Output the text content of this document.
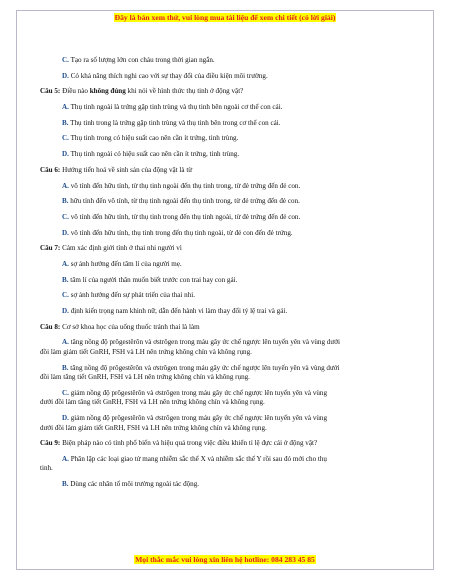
Đây là bản xem thử, vui lòng mua tài liệu để xem chi tiết (có lời giải)
C. Tạo ra số lượng lớn con cháu trong thời gian ngắn.
D. Có khả năng thích nghi cao với sự thay đổi của điều kiện môi trường.
Câu 5: Điều nào không đúng khi nói về hình thức thụ tinh ở động vật?
A. Thụ tinh ngoài là trứng gặp tinh trùng và thụ tinh bên ngoài cơ thể con cái.
B. Thụ tinh trong là trứng gặp tinh trùng và thụ tinh bên trong cơ thể con cái.
C. Thụ tinh trong có hiệu suất cao nên cần ít trứng, tinh trùng.
D. Thụ tinh ngoài có hiệu suất cao nên cần ít trứng, tinh trùng.
Câu 6: Hướng tiến hoá về sinh sản của động vật là từ
A. vô tính đến hữu tính, từ thụ tinh ngoài đến thụ tinh trong, từ đẻ trứng đến đẻ con.
B. hữu tính đến vô tính, từ thụ tinh ngoài đến thụ tinh trong, từ đẻ trứng đến đẻ con.
C. vô tính đến hữu tính, từ thụ tinh trong đến thụ tinh ngoài, từ đẻ trứng đến đẻ con.
D. vô tính đến hữu tính, thụ tinh trong đến thụ tinh ngoài, từ đẻ con đến đẻ trứng.
Câu 7: Cảm xác định giới tính ở thai nhi người vì
A. sợ ảnh hưởng đến tâm lí của người mẹ.
B. tâm lí của người thân muốn biết trước con trai hay con gái.
C. sợ ảnh hưởng đến sự phát triển của thai nhi.
D. định kiến trọng nam khinh nữ, dẫn đến hành vi làm thay đổi tỷ lệ trai và gái.
Câu 8: Cơ sở khoa học của uống thuốc tránh thai là làm
A. tăng nồng độ prôgestêrôn và ơstrôgen trong máu gây ức chế ngược lên tuyến yên và vùng dưới
đồi làm giảm tiết GnRH, FSH và LH nên trứng không chín và không rụng.
B. tăng nồng độ prôgestêrôn và ơstrôgen trong máu gây ức chế ngược lên tuyến yên và vùng dưới
đồi làm tăng tiết GnRH, FSH và LH nên trứng không chín và không rụng.
C. giảm nồng độ prôgestêrôn và ơstrôgen trong máu gây ức chế ngược lên tuyến yên và vùng
dưới đồi làm tăng tiết GnRH, FSH và LH nên trứng không chín và không rụng.
D. giảm nồng độ prôgestêrôn và ơstrôgen trong máu gây ức chế ngược lên tuyến yên và vùng
dưới đồi làm giảm tiết GnRH, FSH và LH nên trứng không chín và không rụng.
Câu 9: Biện pháp nào có tính phổ biến và hiệu quả trong việc điều khiển tỉ lệ đực cái ở động vật?
A. Phân lập các loại giao tử mang nhiễm sắc thể X và nhiễm sắc thể Y rồi sau đó mới cho thụ
tinh.
B. Dùng các nhân tố môi trường ngoài tác động.
Mọi thắc mắc vui lòng xin liên hệ hotline: 084 283 45 85
